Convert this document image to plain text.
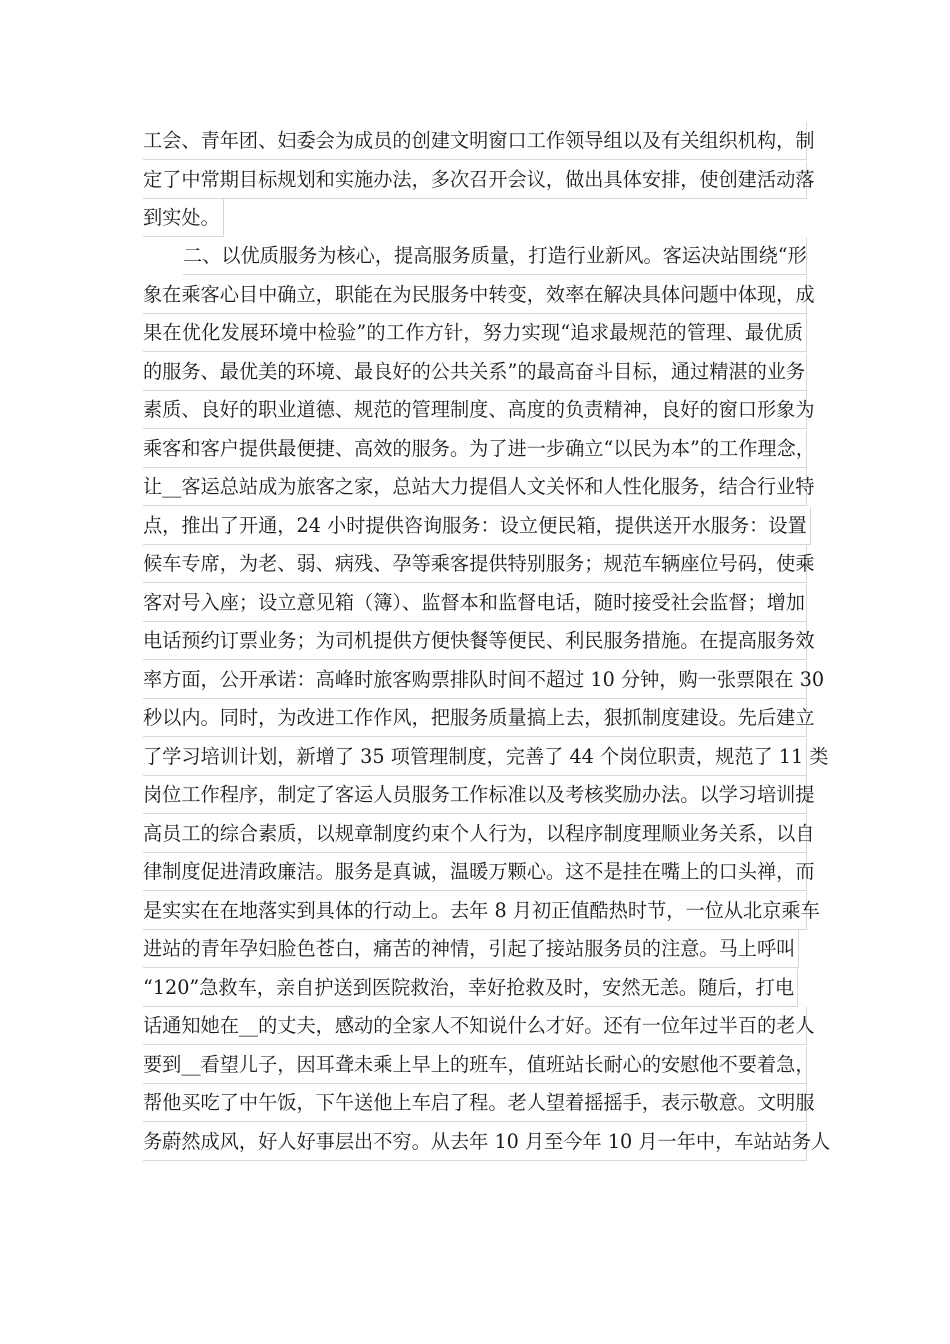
工会、青年团、妇委会为成员的创建文明窗口工作领导组以及有关组织机构，制
定了中常期目标规划和实施办法，多次召开会议，做出具体安排，使创建活动落
到实处。
二、以优质服务为核心，提高服务质量，打造行业新风。客运决站围绕“形
象在乘客心目中确立，职能在为民服务中转变，效率在解决具体问题中体现，成
果在优化发展环境中检验”的工作方针，努力实现“追求最规范的管理、最优质
的服务、最优美的环境、最良好的公共关系”的最高奋斗目标，通过精湛的业务
素质、良好的职业道德、规范的管理制度、高度的负责精神，良好的窗口形象为
乘客和客户提供最便捷、高效的服务。为了进一步确立“以民为本”的工作理念，
让__客运总站成为旅客之家，总站大力提倡人文关怀和人性化服务，结合行业特
点，推出了开通，24 小时提供咨询服务：设立便民箱，提供送开水服务：设置
候车专席，为老、弱、病残、孕等乘客提供特别服务；规范车辆座位号码，使乘
客对号入座；设立意见箱（簿）、监督本和监督电话，随时接受社会监督；增加
电话预约订票业务；为司机提供方便快餐等便民、利民服务措施。在提高服务效
率方面，公开承诺：高峰时旅客购票排队时间不超过 10 分钟，购一张票限在 30
秒以内。同时，为改进工作作风，把服务质量搞上去，狠抓制度建设。先后建立
了学习培训计划，新增了 35 项管理制度，完善了 44 个岗位职责，规范了 11 类
岗位工作程序，制定了客运人员服务工作标准以及考核奖励办法。以学习培训提
高员工的综合素质，以规章制度约束个人行为，以程序制度理顺业务关系，以自
律制度促进清政廉洁。服务是真诚，温暖万颗心。这不是挂在嘴上的口头禅，而
是实实在在地落实到具体的行动上。去年 8 月初正值酷热时节，一位从北京乘车
进站的青年孕妇脸色苍白，痛苦的神情，引起了接站服务员的注意。马上呼叫
“120”急救车，亲自护送到医院救治，幸好抢救及时，安然无恙。随后，打电
话通知她在__的丈夫，感动的全家人不知说什么才好。还有一位年过半百的老人
要到__看望儿子，因耳聋未乘上早上的班车，值班站长耐心的安慰他不要着急，
帮他买吃了中午饭，下午送他上车启了程。老人望着摇摇手，表示敬意。文明服
务蔚然成风，好人好事层出不穷。从去年 10 月至今年 10 月一年中，车站站务人
